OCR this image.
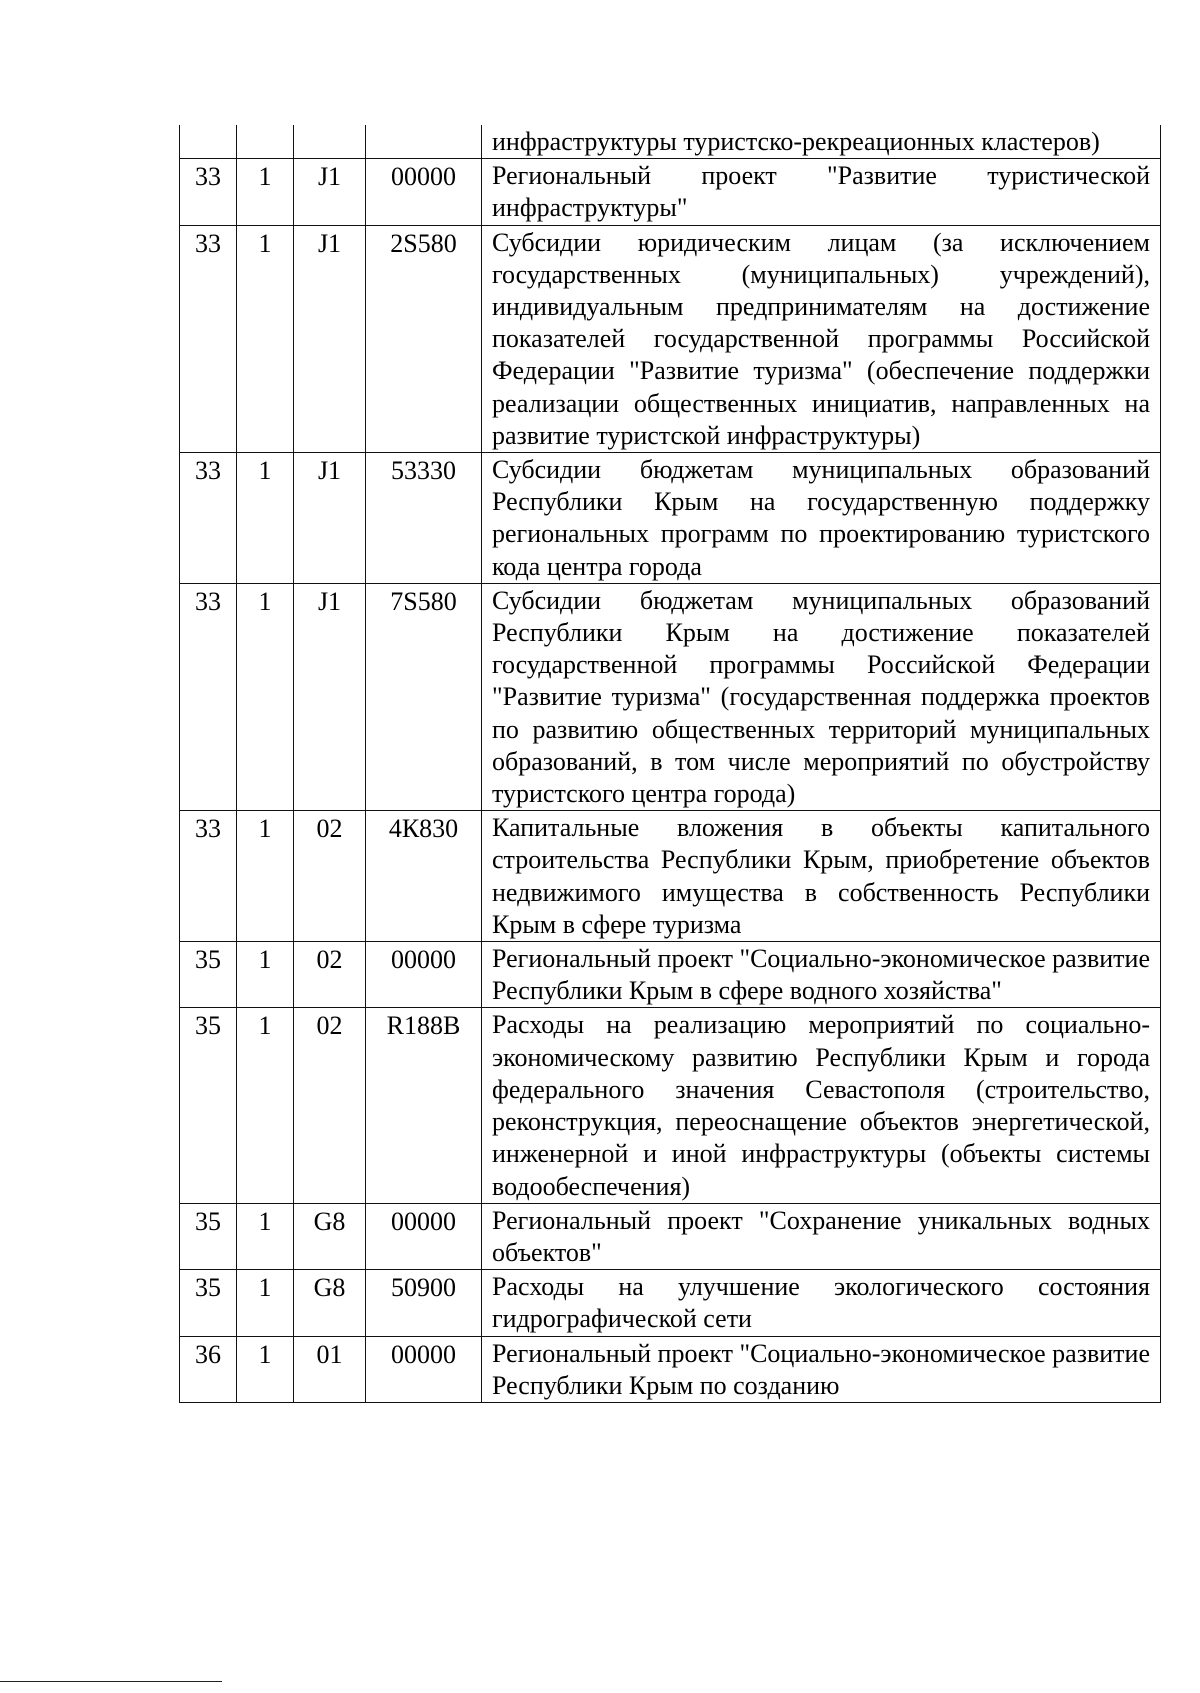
				инфраструктуры туристско-рекреационных кластеров)
33	1	J1	00000	Региональный проект "Развитие туристической инфраструктуры"
33	1	J1	2S580	Субсидии юридическим лицам (за исключением государственных (муниципальных) учреждений), индивидуальным предпринимателям на достижение показателей государственной программы Российской Федерации "Развитие туризма" (обеспечение поддержки реализации общественных инициатив, направленных на развитие туристской инфраструктуры)
33	1	J1	53330	Субсидии бюджетам муниципальных образований Республики Крым на государственную поддержку региональных программ по проектированию туристского кода центра города
33	1	J1	7S580	Субсидии бюджетам муниципальных образований Республики Крым на достижение показателей государственной программы Российской Федерации "Развитие туризма" (государственная поддержка проектов по развитию общественных территорий муниципальных образований, в том числе мероприятий по обустройству туристского центра города)
33	1	02	4К830	Капитальные вложения в объекты капитального строительства Республики Крым, приобретение объектов недвижимого имущества в собственность Республики Крым в сфере туризма
35	1	02	00000	Региональный проект "Социально-экономическое развитие Республики Крым в сфере водного хозяйства"
35	1	02	R188B	Расходы на реализацию мероприятий по социально-экономическому развитию Республики Крым и города федерального значения Севастополя (строительство, реконструкция, переоснащение объектов энергетической, инженерной и иной инфраструктуры (объекты системы водообеспечения)
35	1	G8	00000	Региональный проект "Сохранение уникальных водных объектов"
35	1	G8	50900	Расходы на улучшение экологического состояния гидрографической сети
36	1	01	00000	Региональный проект "Социально-экономическое развитие Республики Крым по созданию
